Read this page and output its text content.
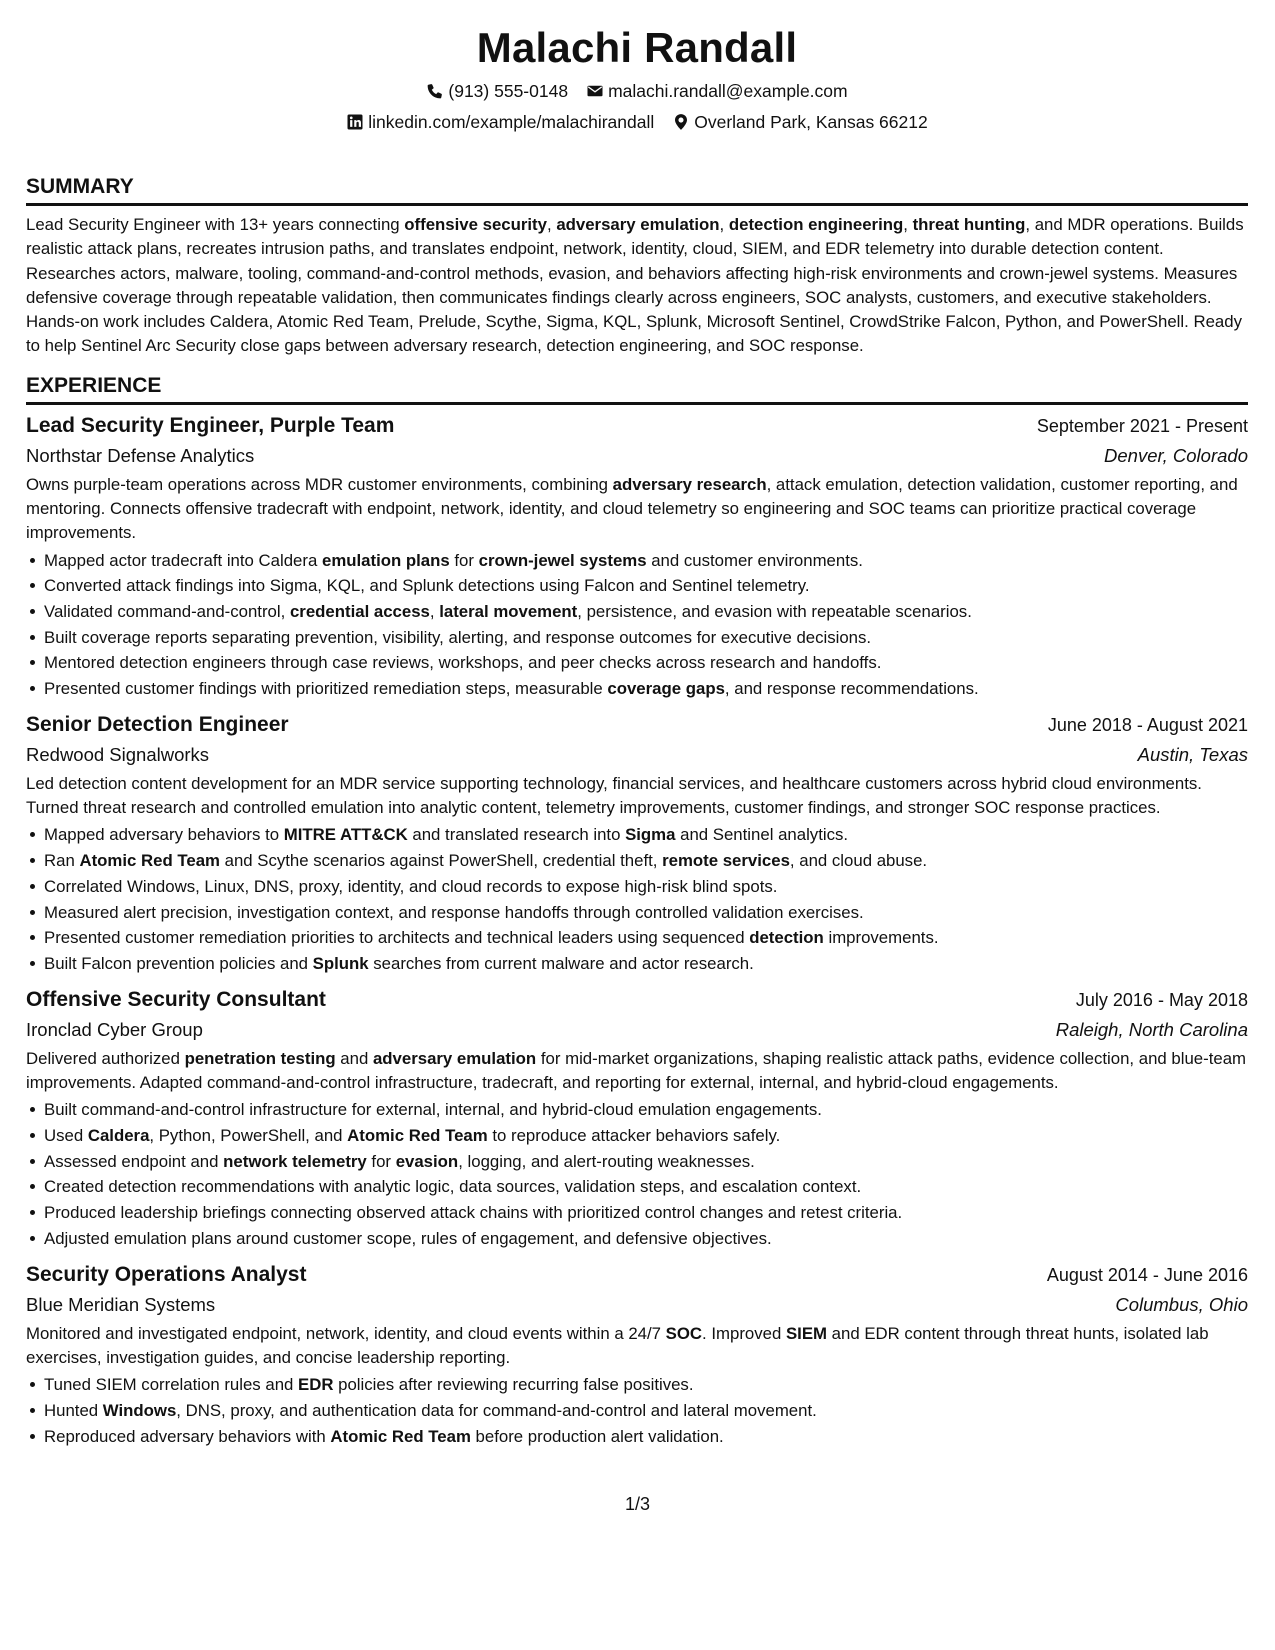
Malachi Randall
(913) 555-0148 malachi.randall@example.com
linkedin.com/example/malachirandall Overland Park, Kansas 66212
SUMMARY
Lead Security Engineer with 13+ years connecting offensive security, adversary emulation, detection engineering, threat hunting, and MDR operations. Builds realistic attack plans, recreates intrusion paths, and translates endpoint, network, identity, cloud, SIEM, and EDR telemetry into durable detection content. Researches actors, malware, tooling, command-and-control methods, evasion, and behaviors affecting high-risk environments and crown-jewel systems. Measures defensive coverage through repeatable validation, then communicates findings clearly across engineers, SOC analysts, customers, and executive stakeholders. Hands-on work includes Caldera, Atomic Red Team, Prelude, Scythe, Sigma, KQL, Splunk, Microsoft Sentinel, CrowdStrike Falcon, Python, and PowerShell. Ready to help Sentinel Arc Security close gaps between adversary research, detection engineering, and SOC response.
EXPERIENCE
Lead Security Engineer, Purple Team	September 2021 - Present
Northstar Defense Analytics	Denver, Colorado
Owns purple-team operations across MDR customer environments, combining adversary research, attack emulation, detection validation, customer reporting, and mentoring. Connects offensive tradecraft with endpoint, network, identity, and cloud telemetry so engineering and SOC teams can prioritize practical coverage improvements.
Mapped actor tradecraft into Caldera emulation plans for crown-jewel systems and customer environments.
Converted attack findings into Sigma, KQL, and Splunk detections using Falcon and Sentinel telemetry.
Validated command-and-control, credential access, lateral movement, persistence, and evasion with repeatable scenarios.
Built coverage reports separating prevention, visibility, alerting, and response outcomes for executive decisions.
Mentored detection engineers through case reviews, workshops, and peer checks across research and handoffs.
Presented customer findings with prioritized remediation steps, measurable coverage gaps, and response recommendations.
Senior Detection Engineer	June 2018 - August 2021
Redwood Signalworks	Austin, Texas
Led detection content development for an MDR service supporting technology, financial services, and healthcare customers across hybrid cloud environments. Turned threat research and controlled emulation into analytic content, telemetry improvements, customer findings, and stronger SOC response practices.
Mapped adversary behaviors to MITRE ATT&CK and translated research into Sigma and Sentinel analytics.
Ran Atomic Red Team and Scythe scenarios against PowerShell, credential theft, remote services, and cloud abuse.
Correlated Windows, Linux, DNS, proxy, identity, and cloud records to expose high-risk blind spots.
Measured alert precision, investigation context, and response handoffs through controlled validation exercises.
Presented customer remediation priorities to architects and technical leaders using sequenced detection improvements.
Built Falcon prevention policies and Splunk searches from current malware and actor research.
Offensive Security Consultant	July 2016 - May 2018
Ironclad Cyber Group	Raleigh, North Carolina
Delivered authorized penetration testing and adversary emulation for mid-market organizations, shaping realistic attack paths, evidence collection, and blue-team improvements. Adapted command-and-control infrastructure, tradecraft, and reporting for external, internal, and hybrid-cloud engagements.
Built command-and-control infrastructure for external, internal, and hybrid-cloud emulation engagements.
Used Caldera, Python, PowerShell, and Atomic Red Team to reproduce attacker behaviors safely.
Assessed endpoint and network telemetry for evasion, logging, and alert-routing weaknesses.
Created detection recommendations with analytic logic, data sources, validation steps, and escalation context.
Produced leadership briefings connecting observed attack chains with prioritized control changes and retest criteria.
Adjusted emulation plans around customer scope, rules of engagement, and defensive objectives.
Security Operations Analyst	August 2014 - June 2016
Blue Meridian Systems	Columbus, Ohio
Monitored and investigated endpoint, network, identity, and cloud events within a 24/7 SOC. Improved SIEM and EDR content through threat hunts, isolated lab exercises, investigation guides, and concise leadership reporting.
Tuned SIEM correlation rules and EDR policies after reviewing recurring false positives.
Hunted Windows, DNS, proxy, and authentication data for command-and-control and lateral movement.
Reproduced adversary behaviors with Atomic Red Team before production alert validation.
1/3
